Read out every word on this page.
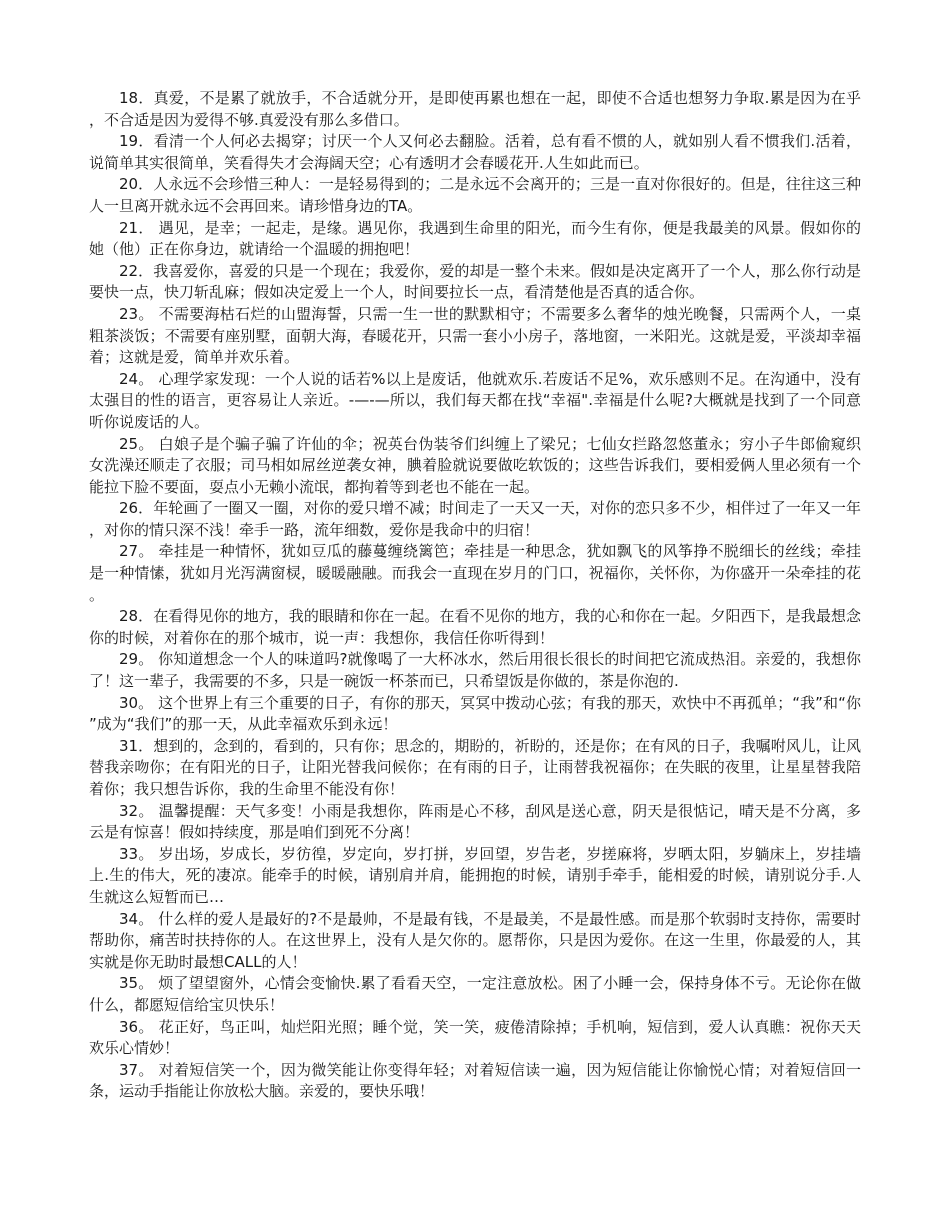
18．真爱，不是累了就放手，不合适就分开，是即使再累也想在一起，即使不合适也想努力争取.累是因为在乎，不合适是因为爱得不够.真爱没有那么多借口。

19．看清一个人何必去揭穿；讨厌一个人又何必去翻脸。活着，总有看不惯的人，就如别人看不惯我们.活着，说简单其实很简单，笑看得失才会海阔天空；心有透明才会春暖花开.人生如此而已。

20．人永远不会珍惜三种人：一是轻易得到的；二是永远不会离开的；三是一直对你很好的。但是，往往这三种人一旦离开就永远不会再回来。请珍惜身边的TA。

21． 遇见，是幸；一起走，是缘。遇见你，我遇到生命里的阳光，而今生有你，便是我最美的风景。假如你的她（他）正在你身边，就请给一个温暖的拥抱吧！

22．我喜爱你，喜爱的只是一个现在；我爱你，爱的却是一整个未来。假如是决定离开了一个人，那么你行动是要快一点，快刀斩乱麻；假如决定爱上一个人，时间要拉长一点，看清楚他是否真的适合你。

23。 不需要海枯石烂的山盟海誓，只需一生一世的默默相守；不需要多么奢华的烛光晚餐，只需两个人，一桌粗茶淡饭；不需要有座别墅，面朝大海，春暖花开，只需一套小小房子，落地窗，一米阳光。这就是爱，平淡却幸福着；这就是爱，简单并欢乐着。

24。 心理学家发现：一个人说的话若%以上是废话，他就欢乐.若废话不足%，欢乐感则不足。在沟通中，没有太强目的性的语言，更容易让人亲近。-—-—所以，我们每天都在找“幸福".幸福是什么呢?大概就是找到了一个同意听你说废话的人。

25。 白娘子是个骗子骗了许仙的伞；祝英台伪装爷们纠缠上了梁兄；七仙女拦路忽悠董永；穷小子牛郎偷窥织女洗澡还顺走了衣服；司马相如屌丝逆袭女神，腆着脸就说要做吃软饭的；这些告诉我们，要相爱俩人里必须有一个能拉下脸不要面，耍点小无赖小流氓，都拘着等到老也不能在一起。

26．年轮画了一圈又一圈，对你的爱只增不减；时间走了一天又一天，对你的恋只多不少，相伴过了一年又一年，对你的情只深不浅！牵手一路，流年细数，爱你是我命中的归宿！

27。 牵挂是一种情怀，犹如豆瓜的藤蔓缠绕篱笆；牵挂是一种思念，犹如飘飞的风筝挣不脱细长的丝线；牵挂是一种情愫，犹如月光泻满窗棂，暖暖融融。而我会一直现在岁月的门口，祝福你，关怀你，为你盛开一朵牵挂的花。

28．在看得见你的地方，我的眼睛和你在一起。在看不见你的地方，我的心和你在一起。夕阳西下，是我最想念你的时候，对着你在的那个城市，说一声：我想你，我信任你听得到！

29。 你知道想念一个人的味道吗?就像喝了一大杯冰水，然后用很长很长的时间把它流成热泪。亲爱的，我想你了！这一辈子，我需要的不多，只是一碗饭一杯茶而已，只希望饭是你做的，茶是你泡的.

30。 这个世界上有三个重要的日子，有你的那天，冥冥中拨动心弦；有我的那天，欢快中不再孤单；“我”和“你”成为“我们”的那一天，从此幸福欢乐到永远！

31．想到的，念到的，看到的，只有你；思念的，期盼的，祈盼的，还是你；在有风的日子，我嘱咐风儿，让风替我亲吻你；在有阳光的日子，让阳光替我问候你；在有雨的日子，让雨替我祝福你；在失眠的夜里，让星星替我陪着你；我只想告诉你，我的生命里不能没有你！

32。 温馨提醒：天气多变！小雨是我想你，阵雨是心不移，刮风是送心意，阴天是很惦记，晴天是不分离，多云是有惊喜！假如持续度，那是咱们到死不分离！

33。 岁出场，岁成长，岁彷徨，岁定向，岁打拼，岁回望，岁告老，岁搓麻将，岁晒太阳，岁躺床上，岁挂墙上.生的伟大，死的凄凉。能牵手的时候，请别肩并肩，能拥抱的时候，请别手牵手，能相爱的时候，请别说分手.人生就这么短暂而已…

34。 什么样的爱人是最好的?不是最帅，不是最有钱，不是最美，不是最性感。而是那个软弱时支持你，需要时帮助你，痛苦时扶持你的人。在这世界上，没有人是欠你的。愿帮你，只是因为爱你。在这一生里，你最爱的人，其实就是你无助时最想CALL的人！

35。 烦了望望窗外，心情会变愉快.累了看看天空，一定注意放松。困了小睡一会，保持身体不亏。无论你在做什么，都愿短信给宝贝快乐！

36。 花正好，鸟正叫，灿烂阳光照；睡个觉，笑一笑，疲倦清除掉；手机响，短信到，爱人认真瞧：祝你天天欢乐心情妙！

37。 对着短信笑一个，因为微笑能让你变得年轻；对着短信读一遍，因为短信能让你愉悦心情；对着短信回一条，运动手指能让你放松大脑。亲爱的，要快乐哦！
